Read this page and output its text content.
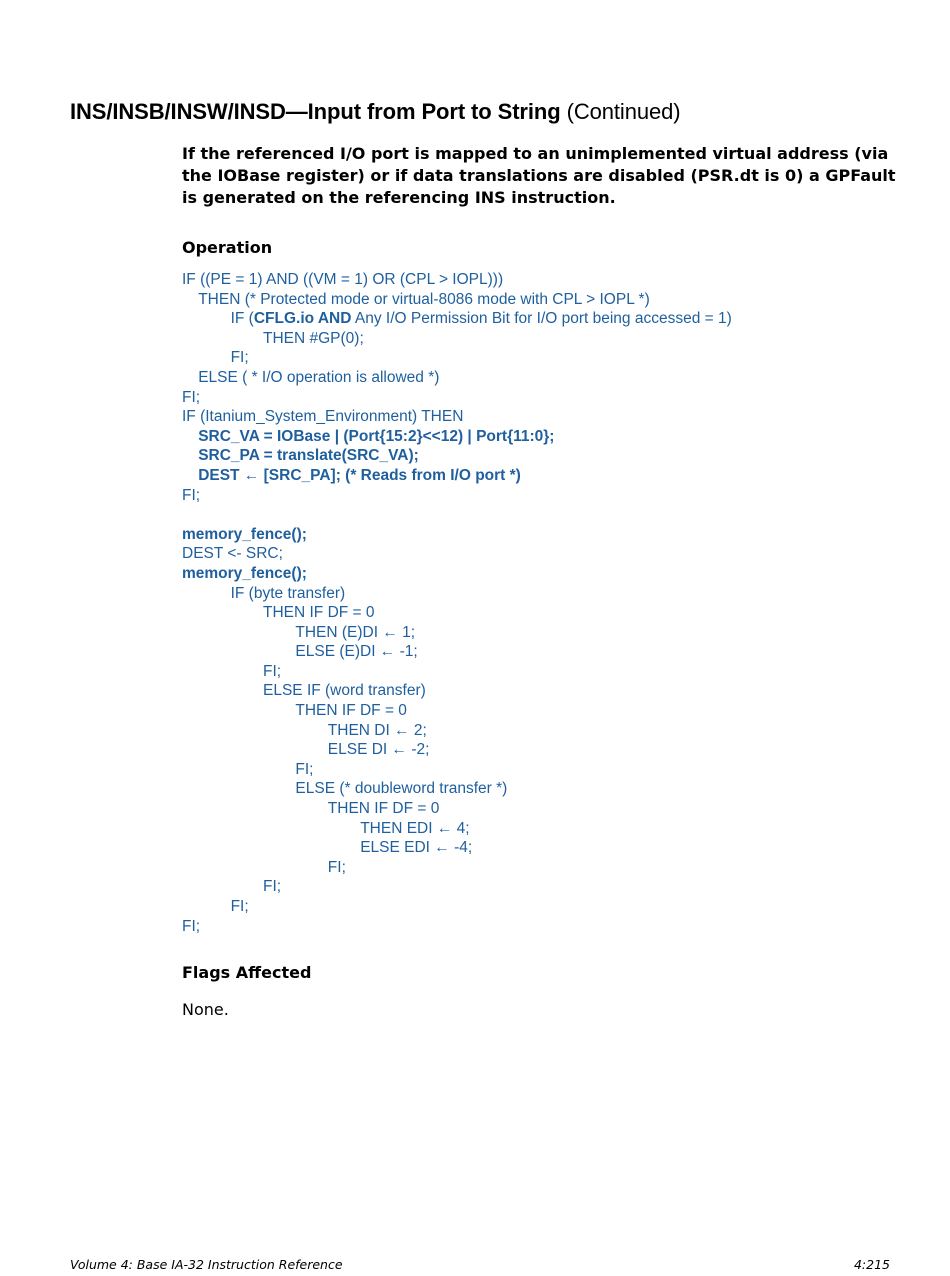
INS/INSB/INSW/INSD—Input from Port to String (Continued)

If the referenced I/O port is mapped to an unimplemented virtual address (via the IOBase register) or if data translations are disabled (PSR.dt is 0) a GPFault is generated on the referencing INS instruction.

Operation
IF ((PE = 1) AND ((VM = 1) OR (CPL > IOPL)))
THEN (* Protected mode or virtual-8086 mode with CPL > IOPL *)
IF (CFLG.io AND Any I/O Permission Bit for I/O port being accessed = 1)
THEN #GP(0);
FI;
ELSE ( * I/O operation is allowed *)
FI;
IF (Itanium_System_Environment) THEN
SRC_VA = IOBase | (Port{15:2}<<12) | Port{11:0};
SRC_PA = translate(SRC_VA);
DEST ← [SRC_PA]; (* Reads from I/O port *)
FI;
memory_fence();
DEST <- SRC;
memory_fence();
IF (byte transfer)
THEN IF DF = 0
THEN (E)DI ← 1;
ELSE (E)DI ← -1;
FI;
ELSE IF (word transfer)
THEN IF DF = 0
THEN DI ← 2;
ELSE DI ← -2;
FI;
ELSE (* doubleword transfer *)
THEN IF DF = 0
THEN EDI ← 4;
ELSE EDI ← -4;
FI;
FI;
FI;
FI;
Flags Affected

None.

Volume 4: Base IA-32 Instruction Reference	4:215
